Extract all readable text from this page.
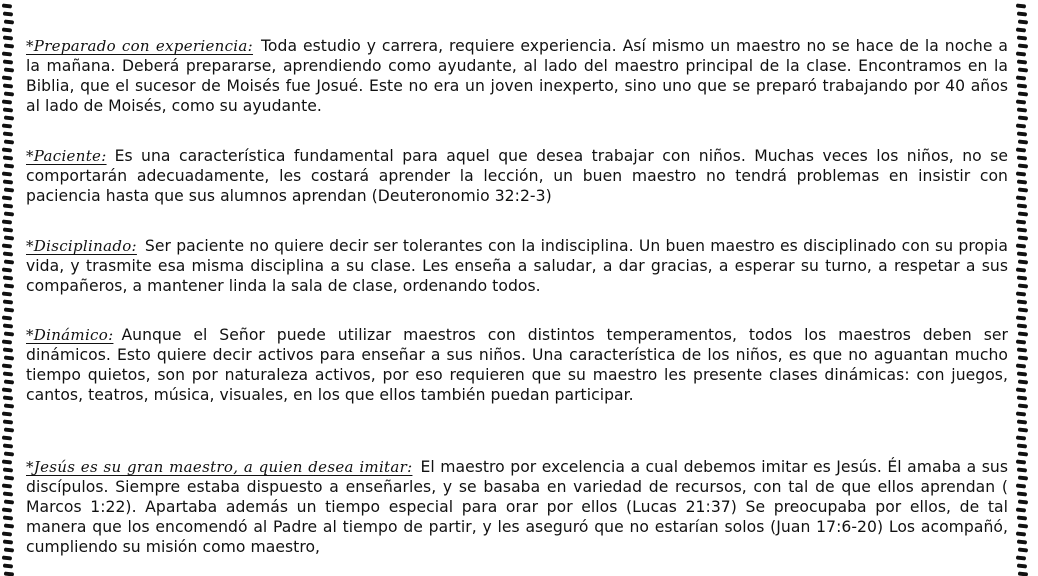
*Preparado con experiencia: Toda estudio y carrera, requiere experiencia. Así mismo un maestro no se hace de la noche a la mañana. Deberá prepararse, aprendiendo como ayudante, al lado del maestro principal de la clase. Encontramos en la Biblia, que el sucesor de Moisés fue Josué. Este no era un joven inexperto, sino uno que se preparó trabajando por 40 años al lado de Moisés, como su ayudante.
*Paciente: Es una característica fundamental para aquel que desea trabajar con niños. Muchas veces los niños, no se comportarán adecuadamente, les costará aprender la lección, un buen maestro no tendrá problemas en insistir con paciencia hasta que sus alumnos aprendan (Deuteronomio 32:2-3)
*Disciplinado: Ser paciente no quiere decir ser tolerantes con la indisciplina. Un buen maestro es disciplinado con su propia vida, y trasmite esa misma disciplina a su clase. Les enseña a saludar, a dar gracias, a esperar su turno, a respetar a sus compañeros, a mantener linda la sala de clase, ordenando todos.
*Dinámico: Aunque el Señor puede utilizar maestros con distintos temperamentos, todos los maestros deben ser dinámicos. Esto quiere decir activos para enseñar a sus niños. Una característica de los niños, es que no aguantan mucho tiempo quietos, son por naturaleza activos, por eso requieren que su maestro les presente clases dinámicas: con juegos, cantos, teatros, música, visuales, en los que ellos también puedan participar.
*Jesús es su gran maestro, a quien desea imitar: El maestro por excelencia a cual debemos imitar es Jesús. Él amaba a sus discípulos. Siempre estaba dispuesto a enseñarles, y se basaba en variedad de recursos, con tal de que ellos aprendan ( Marcos 1:22). Apartaba además un tiempo especial para orar por ellos (Lucas 21:37) Se preocupaba por ellos, de tal manera que los encomendó al Padre al tiempo de partir, y les aseguró que no estarían solos (Juan 17:6-20) Los acompañó, cumpliendo su misión como maestro,
